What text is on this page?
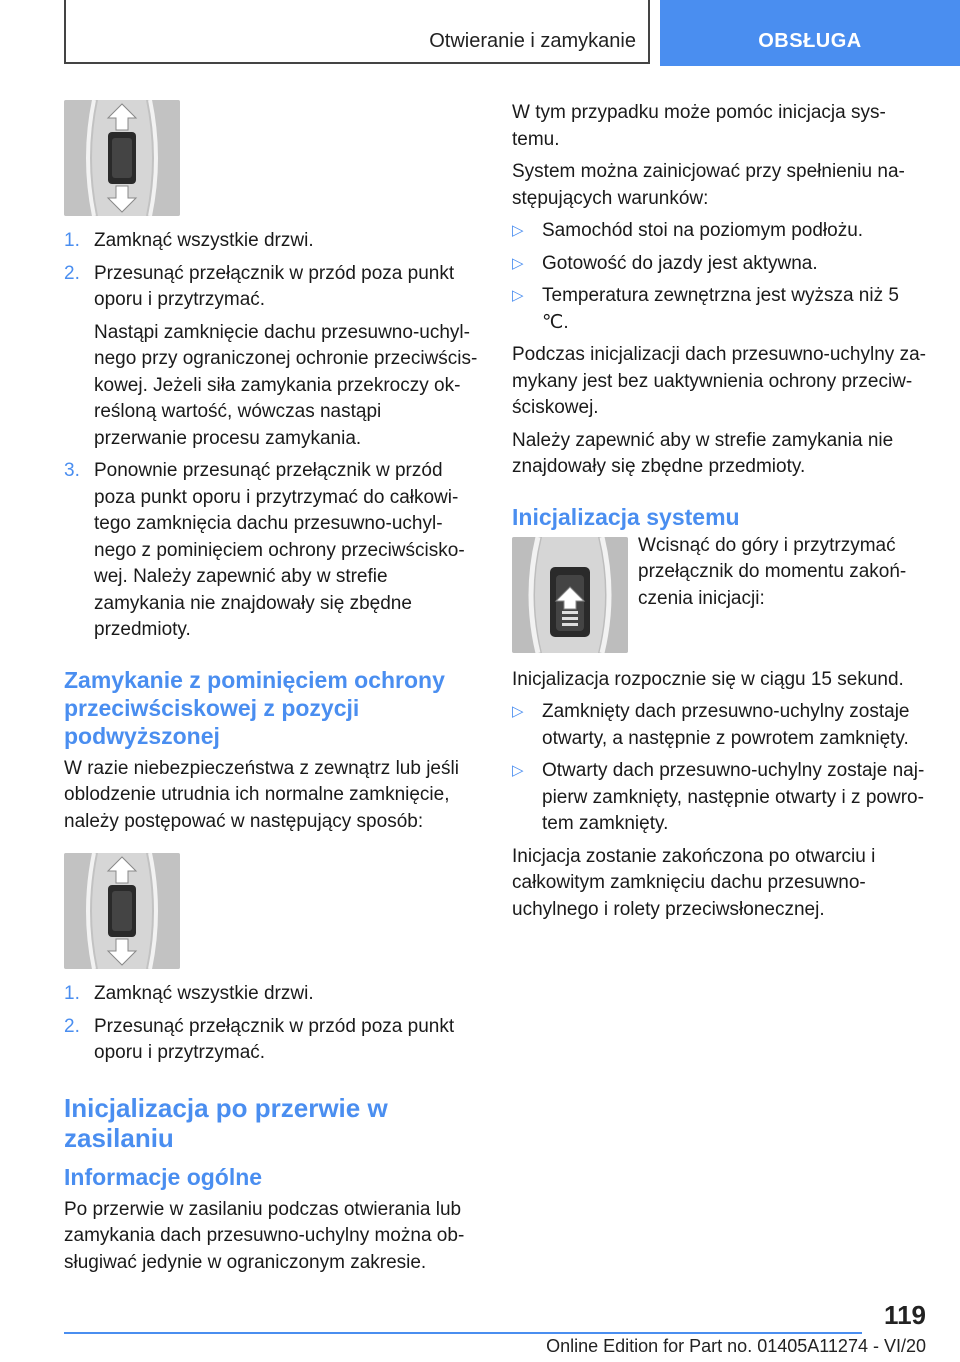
Otwieranie i zamykanie	OBSŁUGA
1. Zamknąć wszystkie drzwi.
2. Przesunąć przełącznik w przód poza punkt oporu i przytrzymać.
Nastąpi zamknięcie dachu przesuwno-uchylnego przy ograniczonej ochronie przeciwściskowej. Jeżeli siła zamykania przekroczy określoną wartość, wówczas nastąpi przerwanie procesu zamykania.
3. Ponownie przesunąć przełącznik w przód poza punkt oporu i przytrzymać do całkowitego zamknięcia dachu przesuwno-uchylnego z pominięciem ochrony przeciwściskowej. Należy zapewnić aby w strefie zamykania nie znajdowały się zbędne przedmioty.
Zamykanie z pominięciem ochrony przeciwściskowej z pozycji podwyższonej

W razie niebezpieczeństwa z zewnątrz lub jeśli oblodzenie utrudnia ich normalne zamknięcie, należy postępować w następujący sposób:

1. Zamknąć wszystkie drzwi.
2. Przesunąć przełącznik w przód poza punkt oporu i przytrzymać.
Inicjalizacja po przerwie w zasilaniu
Informacje ogólne

Po przerwie w zasilaniu podczas otwierania lub zamykania dach przesuwno-uchylny można obsługiwać jedynie w ograniczonym zakresie.

W tym przypadku może pomóc inicjacja systemu.

System można zainicjować przy spełnieniu następujących warunków:

▷ Samochód stoi na poziomym podłożu.
▷ Gotowość do jazdy jest aktywna.
▷ Temperatura zewnętrzna jest wyższa niż 5 ℃.

Podczas inicjalizacji dach przesuwno-uchylny zamykany jest bez uaktywnienia ochrony przeciwściskowej.

Należy zapewnić aby w strefie zamykania nie znajdowały się zbędne przedmioty.

Inicjalizacja systemu

Wcisnąć do góry i przytrzymać przełącznik do momentu zakończenia inicjacji:

Inicjalizacja rozpocznie się w ciągu 15 sekund.

▷ Zamknięty dach przesuwno-uchylny zostaje otwarty, a następnie z powrotem zamknięty.
▷ Otwarty dach przesuwno-uchylny zostaje najpierw zamknięty, następnie otwarty i z powrotem zamknięty.

Inicjacja zostanie zakończona po otwarciu i całkowitym zamknięciu dachu przesuwno-uchylnego i rolety przeciwsłonecznej.

119
Online Edition for Part no. 01405A11274 - VI/20
